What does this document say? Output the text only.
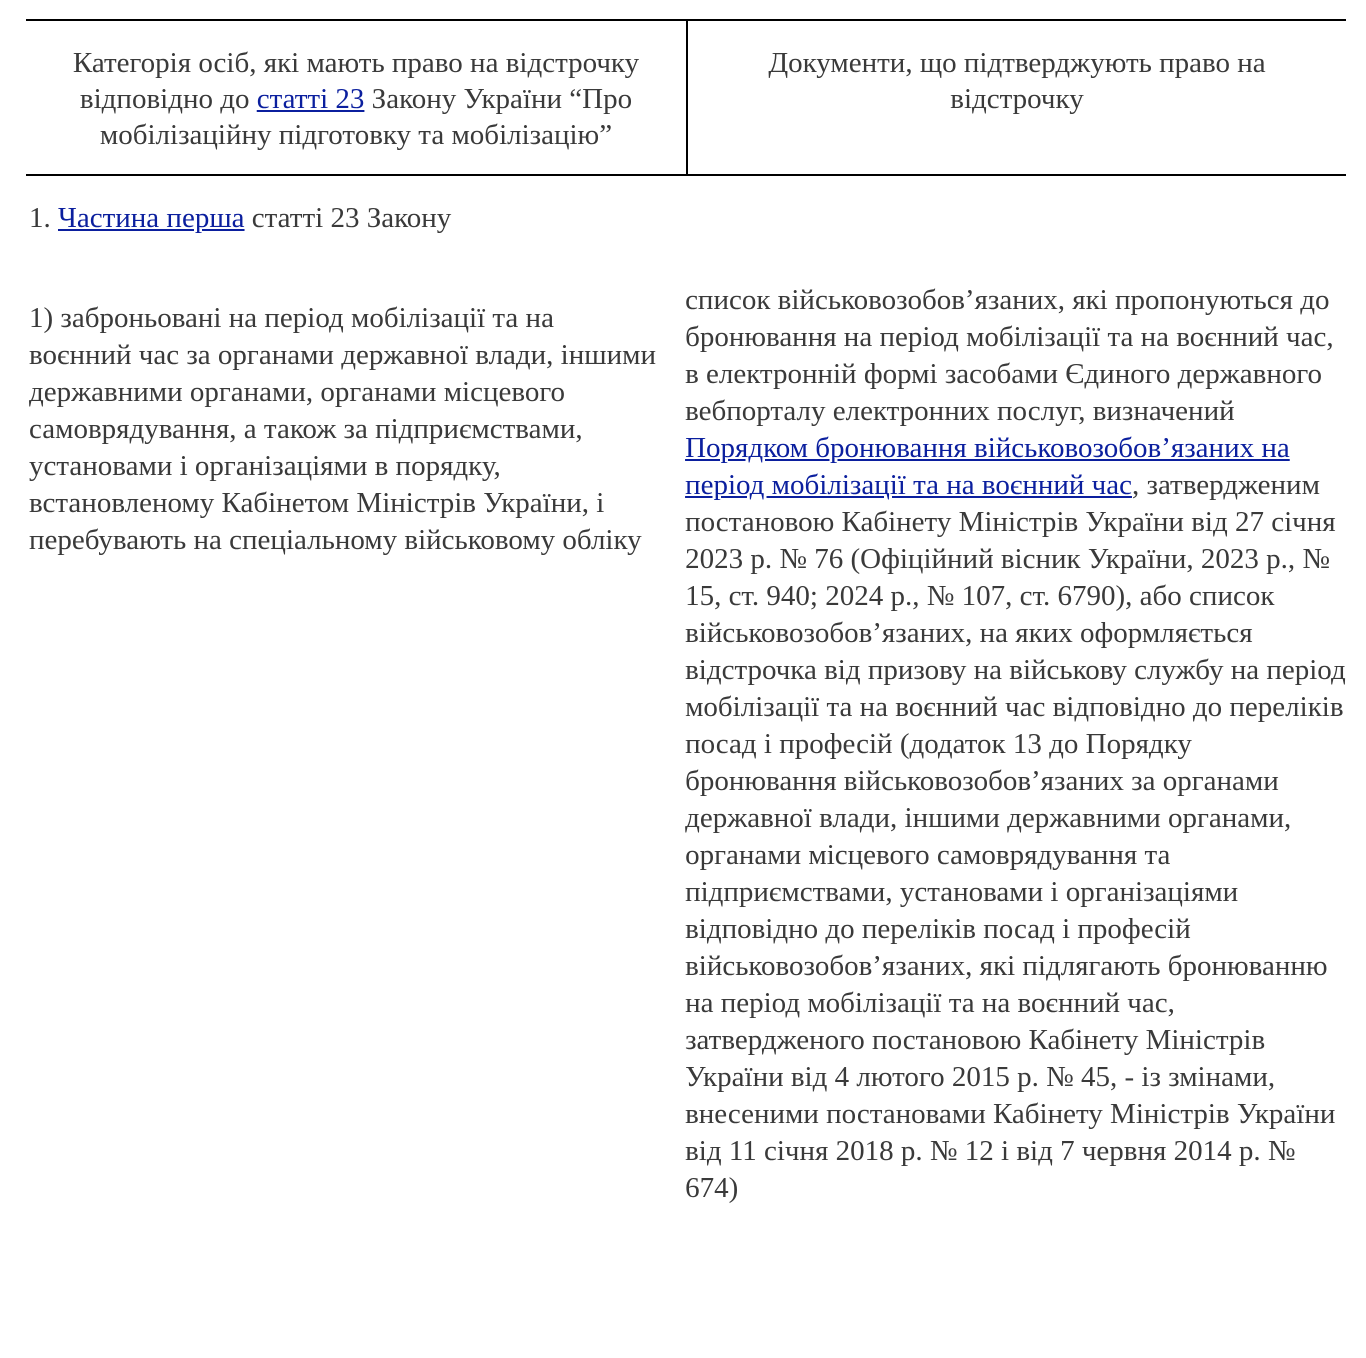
Категорія осіб, які мають право на відстрочку відповідно до статті 23 Закону України “Про мобілізаційну підготовку та мобілізацію”
Документи, що підтверджують право на відстрочку
1. Частина перша статті 23 Закону
1) заброньовані на період мобілізації та на воєнний час за органами державної влади, іншими державними органами, органами місцевого самоврядування, а також за підприємствами, установами і організаціями в порядку, встановленому Кабінетом Міністрів України, і перебувають на спеціальному військовому обліку
список військовозобов’язаних, які пропонуються до бронювання на період мобілізації та на воєнний час, в електронній формі засобами Єдиного державного вебпорталу електронних послуг, визначений Порядком бронювання військовозобов’язаних на період мобілізації та на воєнний час, затвердженим постановою Кабінету Міністрів України від 27 січня 2023 р. № 76 (Офіційний вісник України, 2023 р., № 15, ст. 940; 2024 р., № 107, ст. 6790), або список військовозобов’язаних, на яких оформляється відстрочка від призову на військову службу на період мобілізації та на воєнний час відповідно до переліків посад і професій (додаток 13 до Порядку бронювання військовозобов’язаних за органами державної влади, іншими державними органами, органами місцевого самоврядування та підприємствами, установами і організаціями відповідно до переліків посад і професій військовозобов’язаних, які підлягають бронюванню на період мобілізації та на воєнний час, затвердженого постановою Кабінету Міністрів України від 4 лютого 2015 р. № 45, - із змінами, внесеними постановами Кабінету Міністрів України від 11 січня 2018 р. № 12 і від 7 червня 2014 р. № 674)
